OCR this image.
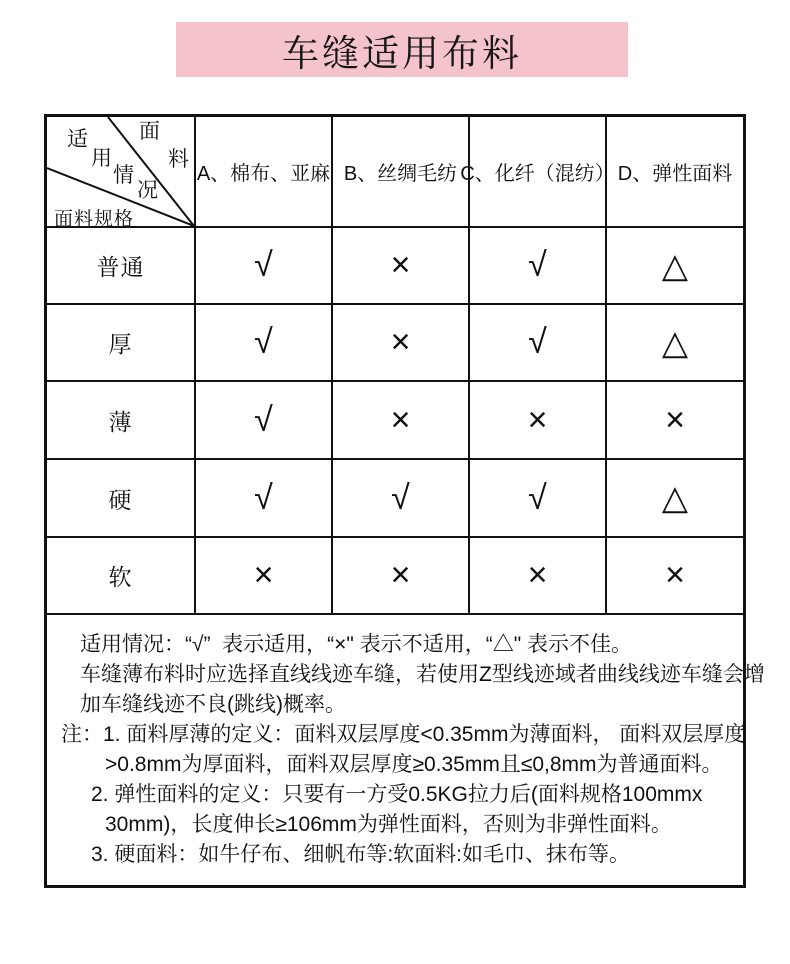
车缝适用布料
面
料
适
用
情
况
面料规格
A、棉布、亚麻 B、丝绸毛纺 C、化纤（混纺） D、弹性面料
普通	√	×	√	△
厚	√	×	√	△
薄	√	×	×	×
硬	√	√	√	△
软	×	×	×	×
适用情况：“√”  表示适用，“×" 表示不适用，“△" 表示不佳。
车缝薄布料时应选择直线线迹车缝，若使用Z型线迹域者曲线线迹车缝会增
加车缝线迹不良(跳线)概率。
注：1. 面料厚薄的定义：面料双层厚度<0.35mm为薄面料， 面料双层厚度
>0.8mm为厚面料，面料双层厚度≥0.35mm且≤0,8mm为普通面料。
2. 弹性面料的定义：只要有一方受0.5KG拉力后(面料规格100mmx
30mm)，长度伸长≥106mm为弹性面料，否则为非弹性面料。
3. 硬面料：如牛仔布、细帆布等:软面料:如毛巾、抹布等。
